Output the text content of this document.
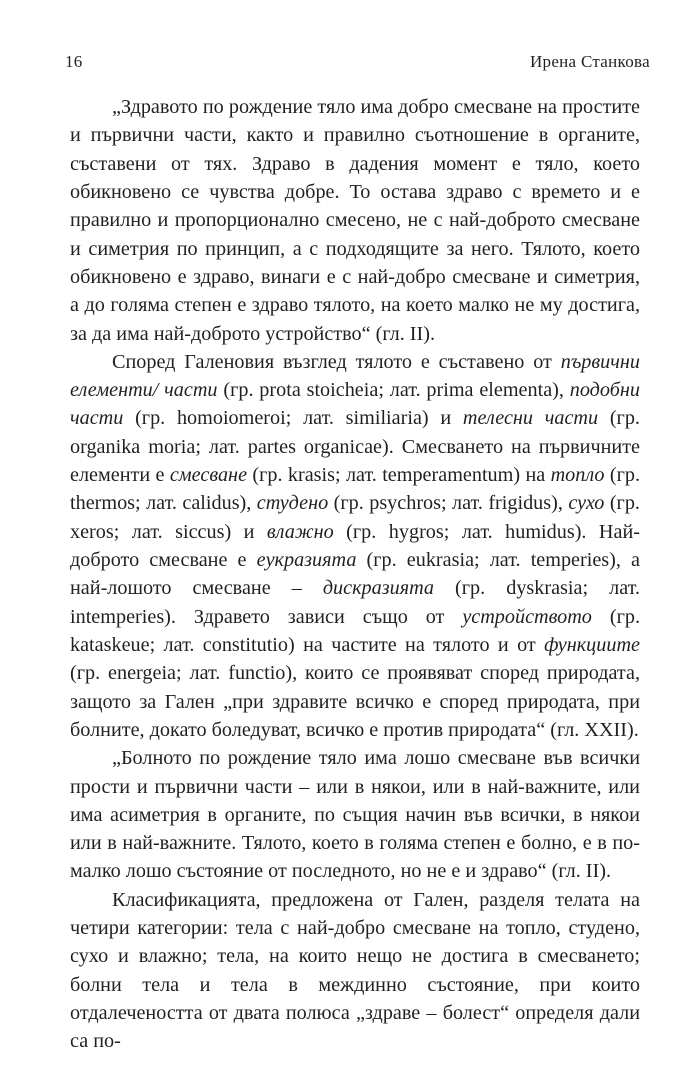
16	Ирена Станкова

„Здравото по рождение тяло има добро смесване на простите и първични части, както и правилно съотношение в органите, съставени от тях. Здраво в дадения момент е тяло, което обикновено се чувства добре. То остава здраво с времето и е правилно и пропорционално смесено, не с най-доброто смесване и симетрия по принцип, а с подходящите за него. Тялото, което обикновено е здраво, винаги е с най-добро смесване и симетрия, а до голяма степен е здраво тялото, на което малко не му достига, за да има най-доброто устройство“ (гл. II).

Според Галеновия възглед тялото е съставено от първични елементи/ части (гр. prota stoicheia; лат. prima elementa), подобни части (гр. homoiomeroi; лат. similiaria) и телесни части (гр. organika moria; лат. partes organicae). Смесването на първичните елементи е смесване (гр. krasis; лат. temperamentum) на топло (гр. thermos; лат. calidus), студено (гр. psychros; лат. frigidus), сухо (гр. xeros; лат. siccus) и влажно (гр. hygros; лат. humidus). Най-доброто смесване е еукразията (гр. eukrasia; лат. temperies), а най-лошото смесване – дискразията (гр. dyskrasia; лат. intemperies). Здравето зависи също от устройството (гр. kataskeue; лат. constitutio) на частите на тялото и от функциите (гр. energeia; лат. functio), които се проявяват според природата, защото за Гален „при здравите всичко е според природата, при болните, докато боледуват, всичко е против природата“ (гл. XXII).

„Болното по рождение тяло има лошо смесване във всички прости и първични части – или в някои, или в най-важните, или има асиметрия в органите, по същия начин във всички, в някои или в най-важните. Тялото, което в голяма степен е болно, е в по-малко лошо състояние от последното, но не е и здраво“ (гл. II).

Класификацията, предложена от Гален, разделя телата на четири категории: тела с най-добро смесване на топло, студено, сухо и влажно; тела, на които нещо не достига в смесването; болни тела и тела в междинно състояние, при които отдалечеността от двата полюса „здраве – болест“ определя дали са по-
